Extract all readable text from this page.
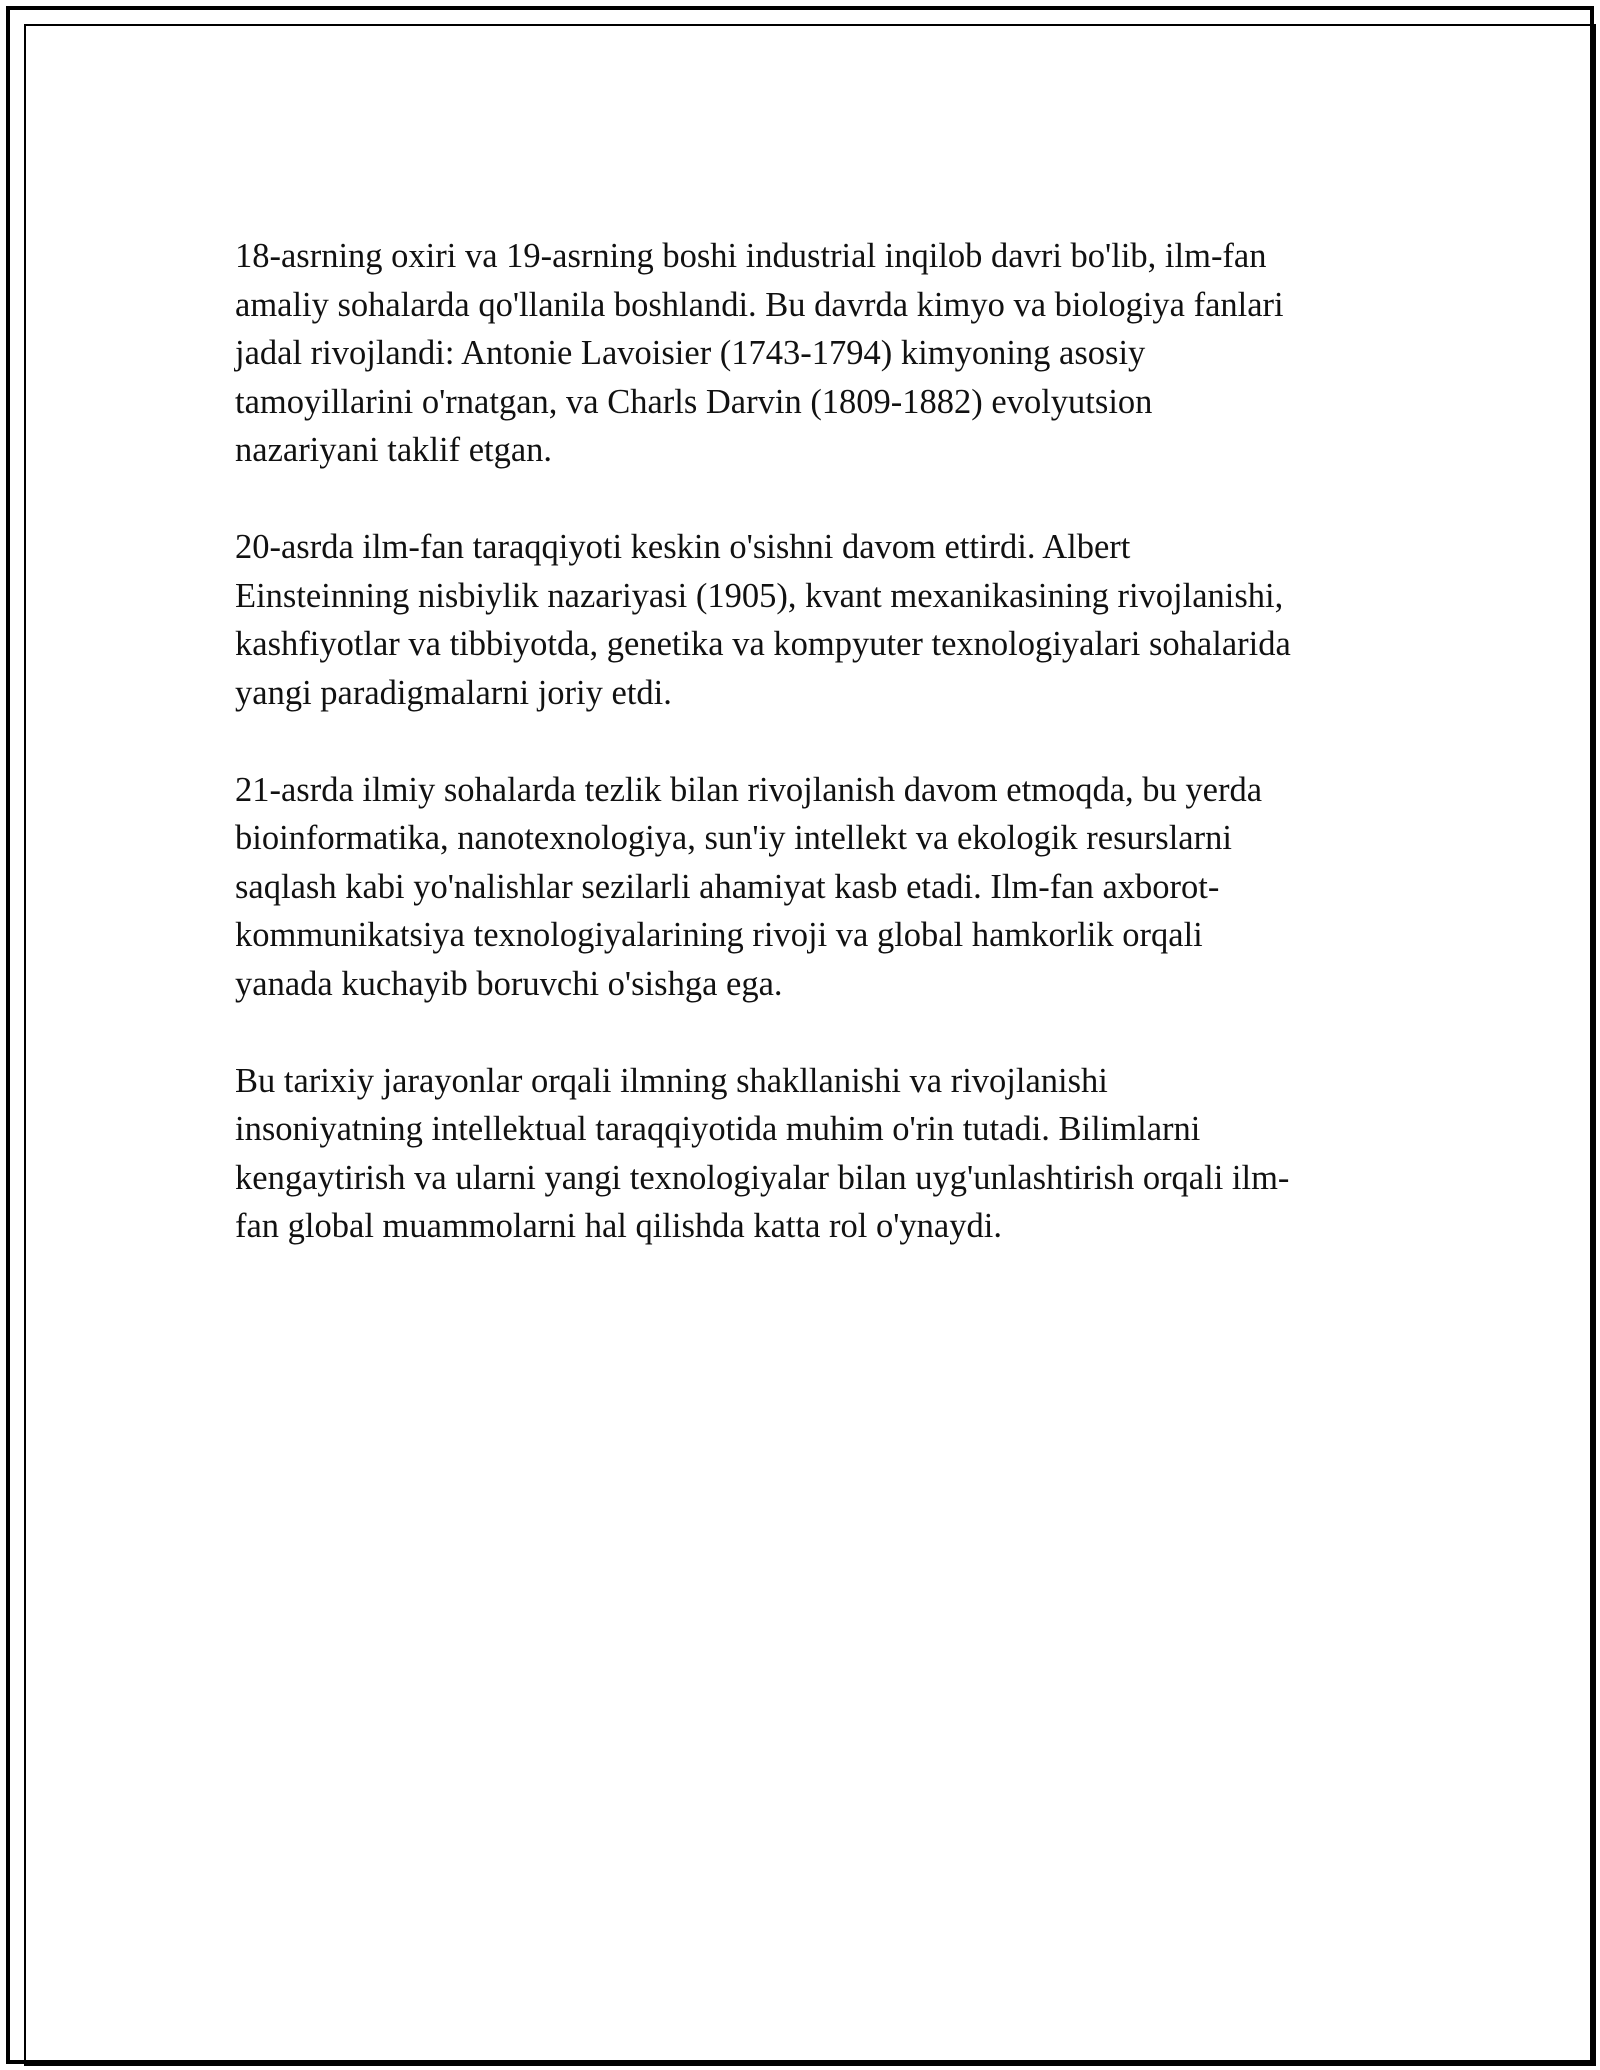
18-asrning oxiri va 19-asrning boshi industrial inqilob davri bo'lib, ilm-fan
amaliy sohalarda qo'llanila boshlandi. Bu davrda kimyo va biologiya fanlari
jadal rivojlandi: Antonie Lavoisier (1743-1794) kimyoning asosiy
tamoyillarini o'rnatgan, va Charls Darvin (1809-1882) evolyutsion
nazariyani taklif etgan.

20-asrda ilm-fan taraqqiyoti keskin o'sishni davom ettirdi. Albert
Einsteinning nisbiylik nazariyasi (1905), kvant mexanikasining rivojlanishi,
kashfiyotlar va tibbiyotda, genetika va kompyuter texnologiyalari sohalarida
yangi paradigmalarni joriy etdi.

21-asrda ilmiy sohalarda tezlik bilan rivojlanish davom etmoqda, bu yerda
bioinformatika, nanotexnologiya, sun'iy intellekt va ekologik resurslarni
saqlash kabi yo'nalishlar sezilarli ahamiyat kasb etadi. Ilm-fan axborot-
kommunikatsiya texnologiyalarining rivoji va global hamkorlik orqali
yanada kuchayib boruvchi o'sishga ega.

Bu tarixiy jarayonlar orqali ilmning shakllanishi va rivojlanishi
insoniyatning intellektual taraqqiyotida muhim o'rin tutadi. Bilimlarni
kengaytirish va ularni yangi texnologiyalar bilan uyg'unlashtirish orqali ilm-
fan global muammolarni hal qilishda katta rol o'ynaydi.
